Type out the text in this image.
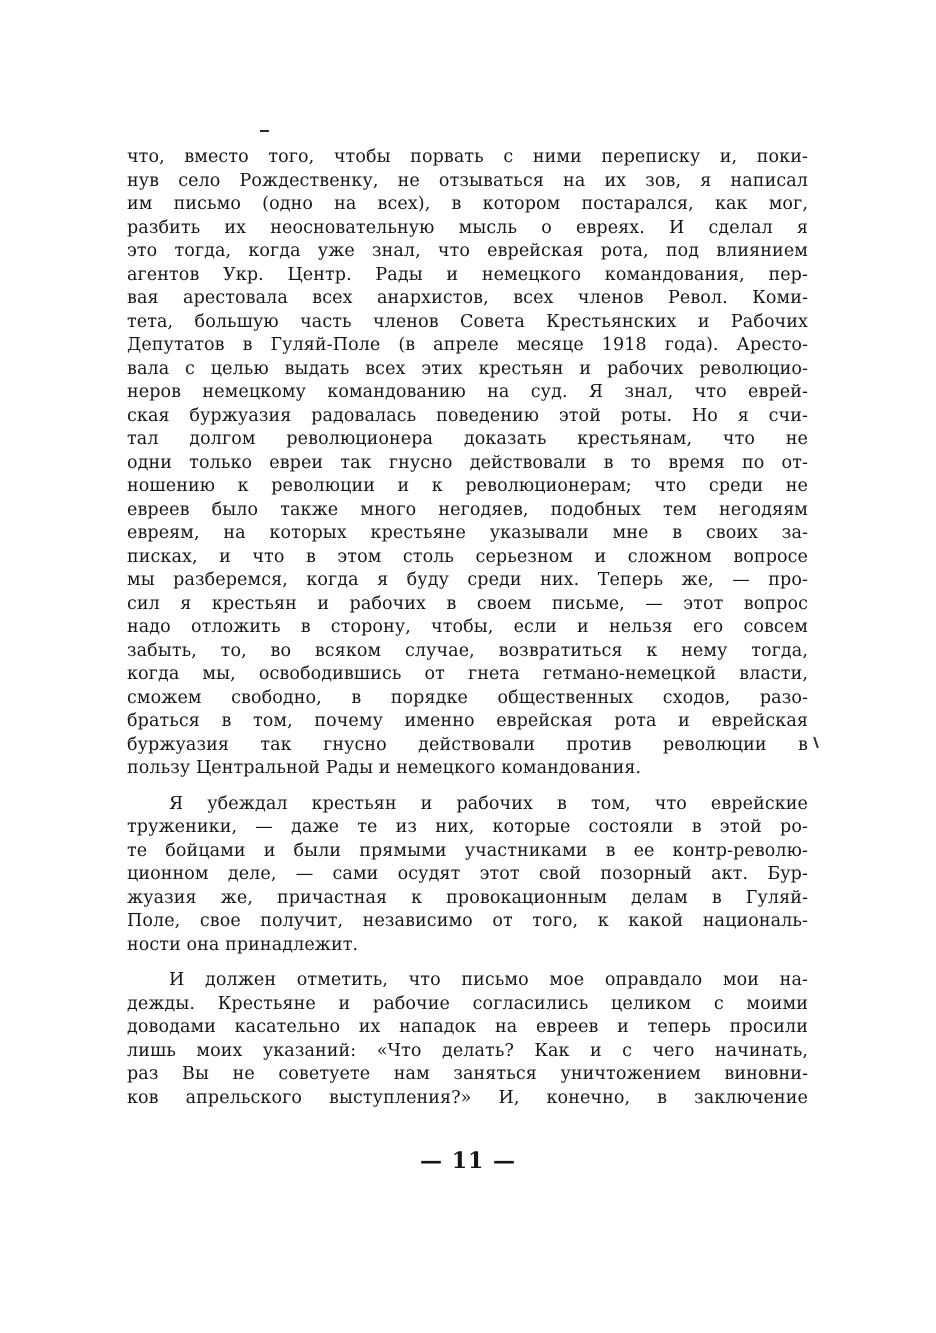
что, вместо того, чтобы порвать с ними переписку и, поки-
нув село Рождественку, не отзываться на их зов, я написал
им письмо (одно на всех), в котором постарался, как мог,
разбить их неосновательную мысль о евреях. И сделал я
это тогда, когда уже знал, что еврейская рота, под влиянием
агентов Укр. Центр. Рады и немецкого командования, пер-
вая арестовала всех анархистов, всех членов Револ. Коми-
тета, большую часть членов Совета Крестьянских и Рабочих
Депутатов в Гуляй-Поле (в апреле месяце 1918 года). Аресто-
вала с целью выдать всех этих крестьян и рабочих революцио-
неров немецкому командованию на суд. Я знал, что еврей-
ская буржуазия радовалась поведению этой роты. Но я счи-
тал долгом революционера доказать крестьянам, что не
одни только евреи так гнусно действовали в то время по от-
ношению к революции и к революционерам; что среди не
евреев было также много негодяев, подобных тем негодяям
евреям, на которых крестьяне указывали мне в своих за-
писках, и что в этом столь серьезном и сложном вопросе
мы разберемся, когда я буду среди них. Теперь же, — про-
сил я крестьян и рабочих в своем письме, — этот вопрос
надо отложить в сторону, чтобы, если и нельзя его совсем
забыть, то, во всяком случае, возвратиться к нему тогда,
когда мы, освободившись от гнета гетмано-немецкой власти,
сможем свободно, в порядке общественных сходов, разо-
браться в том, почему именно еврейская рота и еврейская
буржуазия так гнусно действовали против революции в
пользу Центральной Рады и немецкого командования.
Я убеждал крестьян и рабочих в том, что еврейские
труженики, — даже те из них, которые состояли в этой ро-
те бойцами и были прямыми участниками в ее контр-револю-
ционном деле, — сами осудят этот свой позорный акт. Бур-
жуазия же, причастная к провокационным делам в Гуляй-
Поле, свое получит, независимо от того, к какой националь-
ности она принадлежит.
И должен отметить, что письмо мое оправдало мои на-
дежды. Крестьяне и рабочие согласились целиком с моими
доводами касательно их нападок на евреев и теперь просили
лишь моих указаний: «Что делать? Как и с чего начинать,
раз Вы не советуете нам заняться уничтожением виновни-
ков апрельского выступления?» И, конечно, в заключение
— 11 —
